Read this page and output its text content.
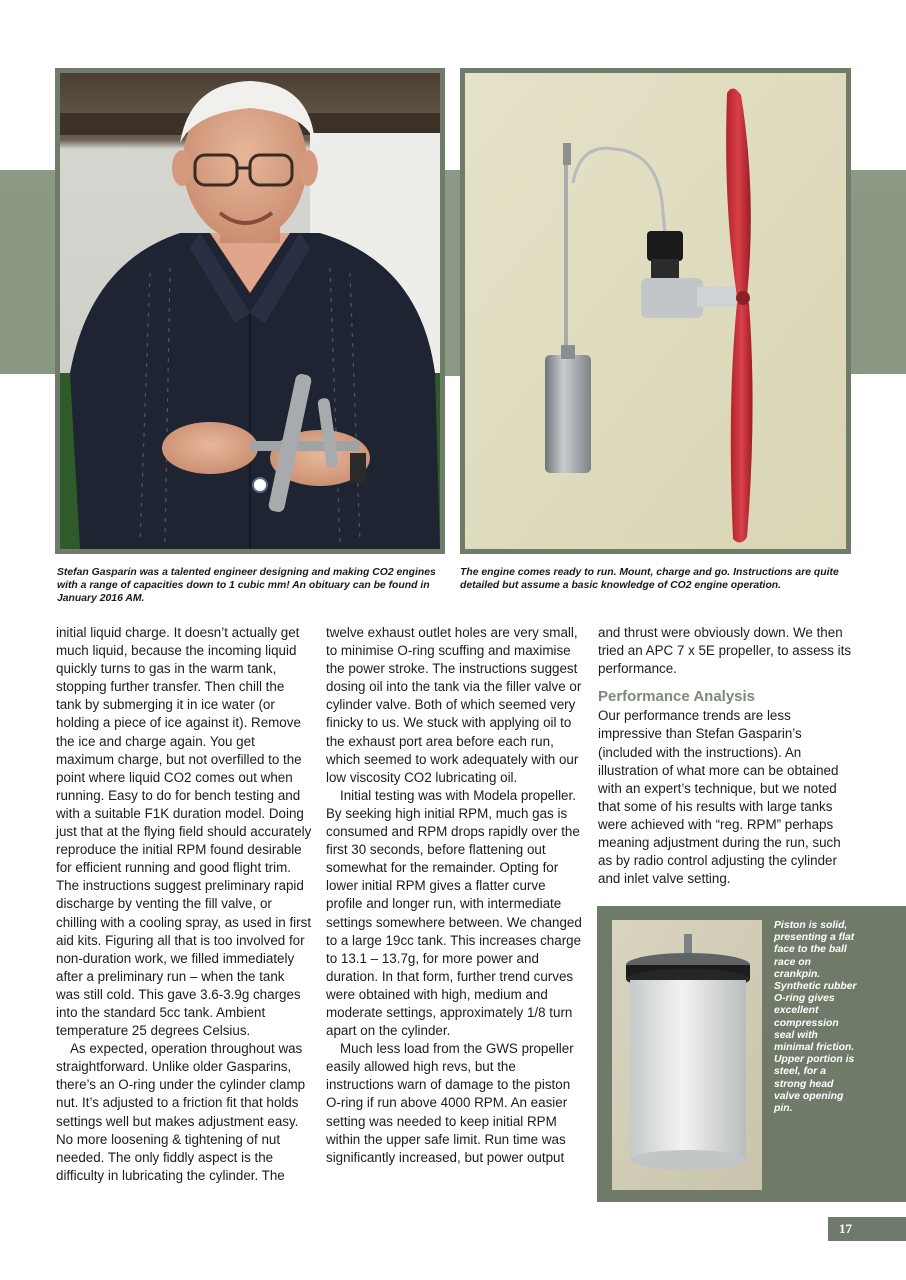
Stefan Gasparin was a talented engineer designing and making CO2 engines with a range of capacities down to 1 cubic mm! An obituary can be found in January 2016 AM.

The engine comes ready to run. Mount, charge and go. Instructions are quite detailed but assume a basic knowledge of CO2 engine operation.

initial liquid charge. It doesn’t actually get much liquid, because the incoming liquid quickly turns to gas in the warm tank, stopping further transfer. Then chill the tank by submerging it in ice water (or holding a piece of ice against it). Remove the ice and charge again. You get maximum charge, but not overfilled to the point where liquid CO2 comes out when running. Easy to do for bench testing and with a suitable F1K duration model. Doing just that at the flying field should accurately reproduce the initial RPM found desirable for efficient running and good flight trim. The instructions suggest preliminary rapid discharge by venting the fill valve, or chilling with a cooling spray, as used in first aid kits. Figuring all that is too involved for non-duration work, we filled immediately after a preliminary run – when the tank was still cold. This gave 3.6-3.9g charges into the standard 5cc tank. Ambient temperature 25 degrees Celsius.

As expected, operation throughout was straightforward. Unlike older Gasparins, there’s an O-ring under the cylinder clamp nut. It’s adjusted to a friction fit that holds settings well but makes adjustment easy. No more loosening & tightening of nut needed. The only fiddly aspect is the difficulty in lubricating the cylinder. The

twelve exhaust outlet holes are very small, to minimise O-ring scuffing and maximise the power stroke. The instructions suggest dosing oil into the tank via the filler valve or cylinder valve. Both of which seemed very finicky to us. We stuck with applying oil to the exhaust port area before each run, which seemed to work adequately with our low viscosity CO2 lubricating oil.

Initial testing was with Modela propeller. By seeking high initial RPM, much gas is consumed and RPM drops rapidly over the first 30 seconds, before flattening out somewhat for the remainder. Opting for lower initial RPM gives a flatter curve profile and longer run, with intermediate settings somewhere between. We changed to a large 19cc tank. This increases charge to 13.1 – 13.7g, for more power and duration. In that form, further trend curves were obtained with high, medium and moderate settings, approximately 1/8 turn apart on the cylinder.

Much less load from the GWS propeller easily allowed high revs, but the instructions warn of damage to the piston O-ring if run above 4000 RPM. An easier setting was needed to keep initial RPM within the upper safe limit. Run time was significantly increased, but power output

and thrust were obviously down. We then tried an APC 7 x 5E propeller, to assess its performance.

Performance Analysis

Our performance trends are less impressive than Stefan Gasparin’s (included with the instructions). An illustration of what more can be obtained with an expert’s technique, but we noted that some of his results with large tanks were achieved with “reg. RPM” perhaps meaning adjustment during the run, such as by radio control adjusting the cylinder and inlet valve setting.

Piston is solid, presenting a flat face to the ball race on crankpin. Synthetic rubber O-ring gives excellent compression seal with minimal friction. Upper portion is steel, for a strong head valve opening pin.

17
